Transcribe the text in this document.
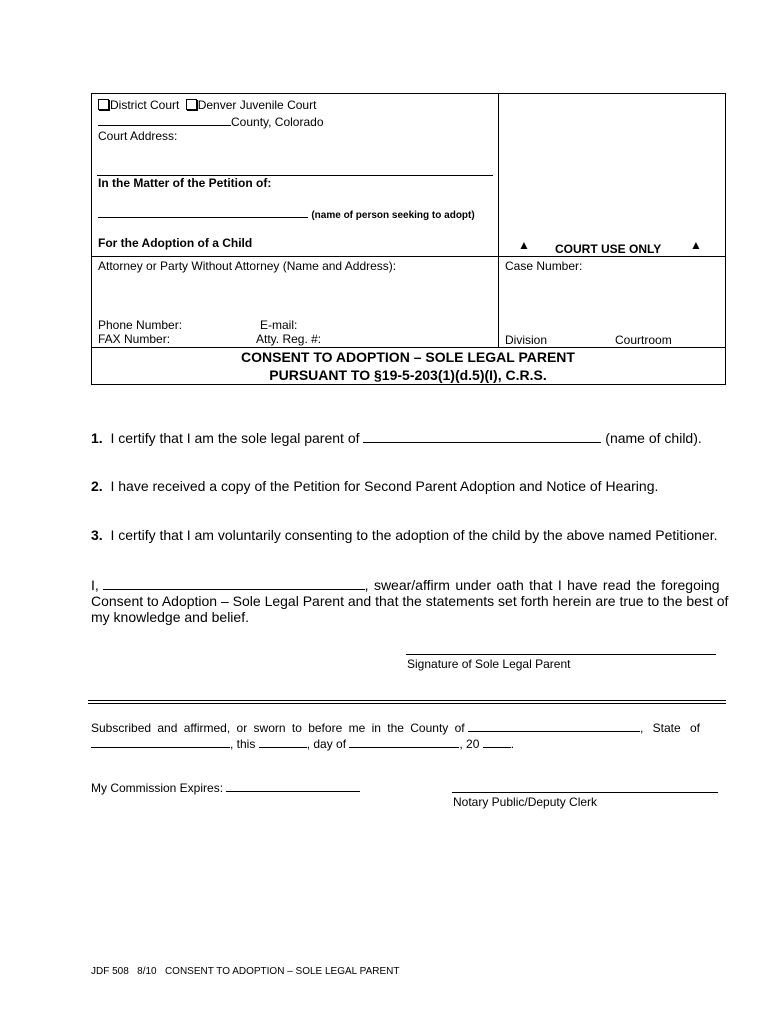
District Court Denver Juvenile Court
County, Colorado
Court Address:
In the Matter of the Petition of:
(name of person seeking to adopt)
For the Adoption of a Child	▲ COURT USE ONLY ▲
Attorney or Party Without Attorney (Name and Address):	Case Number:
Phone Number:	E-mail:
FAX Number:	Atty. Reg. #:	Division	Courtroom
CONSENT TO ADOPTION – SOLE LEGAL PARENT
PURSUANT TO §19-5-203(1)(d.5)(I), C.R.S.
1. I certify that I am the sole legal parent of	(name of child).
2. I have received a copy of the Petition for Second Parent Adoption and Notice of Hearing.
3. I certify that I am voluntarily consenting to the adoption of the child by the above named Petitioner.
I,	, swear/affirm under oath that I have read the foregoing
Consent to Adoption – Sole Legal Parent and that the statements set forth herein are true to the best of
my knowledge and belief.
Signature of Sole Legal Parent
Subscribed and affirmed, or sworn to before me in the County of	, State of
, this	, day of	, 20	.
My Commission Expires:
Notary Public/Deputy Clerk
JDF 508 8/10 CONSENT TO ADOPTION – SOLE LEGAL PARENT
